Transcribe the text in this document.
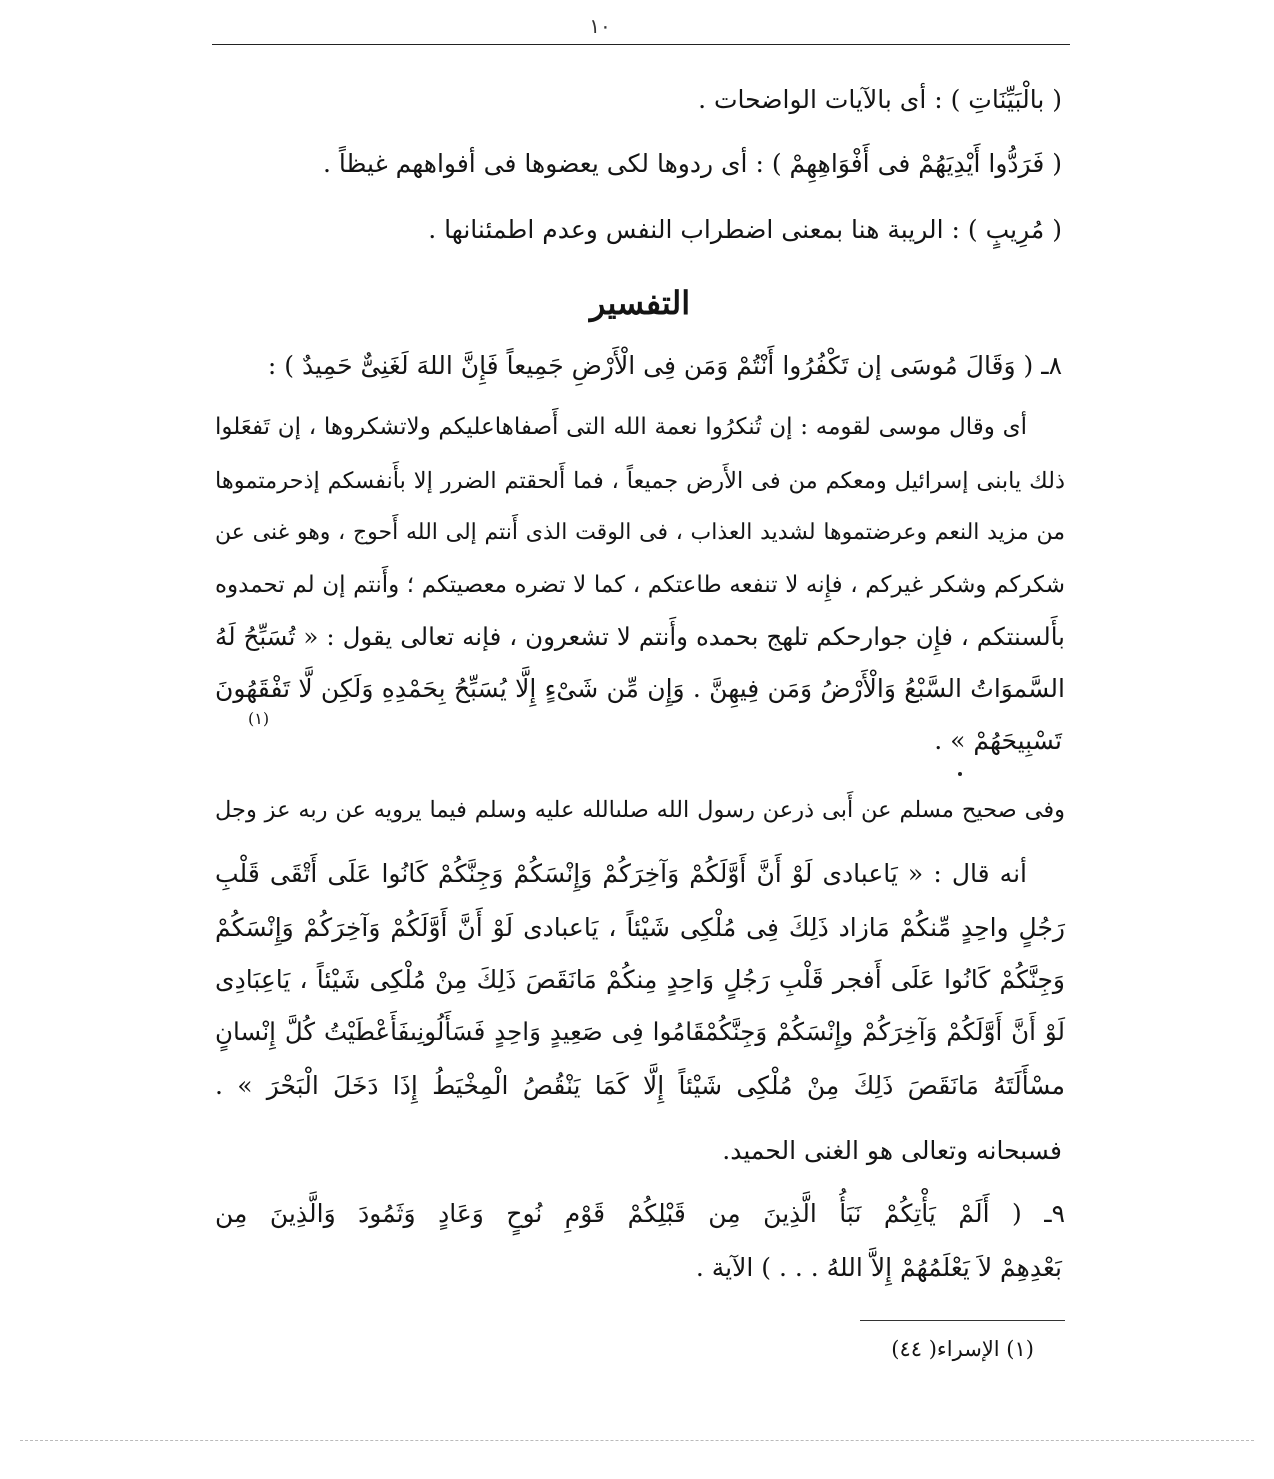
١٠
( بالْبَيِّنَاتِ ) : أى بالآيات الواضحات .
( فَرَدُّوا أَيْدِيَهُمْ فى أَفْوَاهِهِمْ ) : أى ردوها لكى يعضوها فى أفواههم غيظاً .
( مُرِيبٍ ) : الريبة هنا بمعنى اضطراب النفس وعدم اطمئنانها .
التفسير
٨ـ ( وَقَالَ مُوسَى إن تَكْفُرُوا أَنْتُمْ وَمَن فِى الْأَرْضِ جَمِيعاً فَإِنَّ اللهَ لَغَنِىٌّ حَمِيدٌ ) :
أى وقال موسى لقومه : إن تُنكرُوا نعمة الله التى أَصفاهاعليكم ولاتشكروها ، إن تَفعَلوا
ذلك يابنى إسرائيل ومعكم من فى الأَرض جميعاً ، فما أَلحقتم الضرر إلا بأَنفسكم إذحرمتموها
من مزيد النعم وعرضتموها لشديد العذاب ، فى الوقت الذى أَنتم إلى الله أَحوج ، وهو غنى عن
شكركم وشكر غيركم ، فإِنه لا تنفعه طاعتكم ، كما لا تضره معصيتكم ؛ وأَنتم إن لم تحمدوه
بأَلسنتكم ، فإِن جوارحكم تلهج بحمده وأَنتم لا تشعرون ، فإنه تعالى يقول : « تُسَبِّحُ لَهُ
السَّموَاتُ السَّبْعُ وَالْأَرْضُ وَمَن فِيهِنَّ . وَإِن مِّن شَىْءٍ إِلَّا يُسَبِّحُ بِحَمْدِهِ وَلَكِن لَّا تَفْقَهُونَ
تَسْبِيحَهُمْ » .
(١)
وفى صحيح مسلم عن أَبى ذرعن رسول الله صلىالله عليه وسلم فيما يرويه عن ربه عز وجل
أنه قال : « يَاعبادى لَوْ أَنَّ أَوَّلَكُمْ وَآخِرَكُمْ وَإِنْسَكُمْ وَجِنَّكُمْ كَانُوا عَلَى أَتْقَى قَلْبِ
رَجُلٍ واحِدٍ مِّنكُمْ مَازاد ذَلِكَ فِى مُلْكِى شَيْئاً ، يَاعبادى لَوْ أَنَّ أَوَّلَكُمْ وَآخِرَكُمْ وَإِنْسَكُمْ
وَجِنَّكُمْ كَانُوا عَلَى أَفجر قَلْبِ رَجُلٍ وَاحِدٍ مِنكُمْ مَانَقَصَ ذَلِكَ مِنْ مُلْكِى شَيْئاً ، يَاعِبَادِى
لَوْ أَنَّ أَوَّلَكُمْ وَآخِرَكُمْ وإِنْسَكُمْ وَجِنَّكُمْقَامُوا فِى صَعِيدٍ وَاحِدٍ فَسَأَلُونِىفَأَعْطَيْتُ كُلَّ إِنْسانٍ
مسْأَلَتَهُ مَانَقَصَ ذَلِكَ مِنْ مُلْكِى شَيْئاً إِلَّا كَمَا يَنْقُصُ الْمِخْيَطُ إِذَا دَخَلَ الْبَحْرَ » .
فسبحانه وتعالى هو الغنى الحميد.
٩ـ ( أَلَمْ يَأْتِكُمْ نَبَأُ الَّذِينَ مِن قَبْلِكُمْ قَوْمِ نُوحٍ وَعَادٍ وَثَمُودَ وَالَّذِينَ مِن
بَعْدِهِمْ لاَ يَعْلَمُهُمْ إِلاَّ اللهُ . . . ) الآية .
(١) الإسراء( ٤٤)
